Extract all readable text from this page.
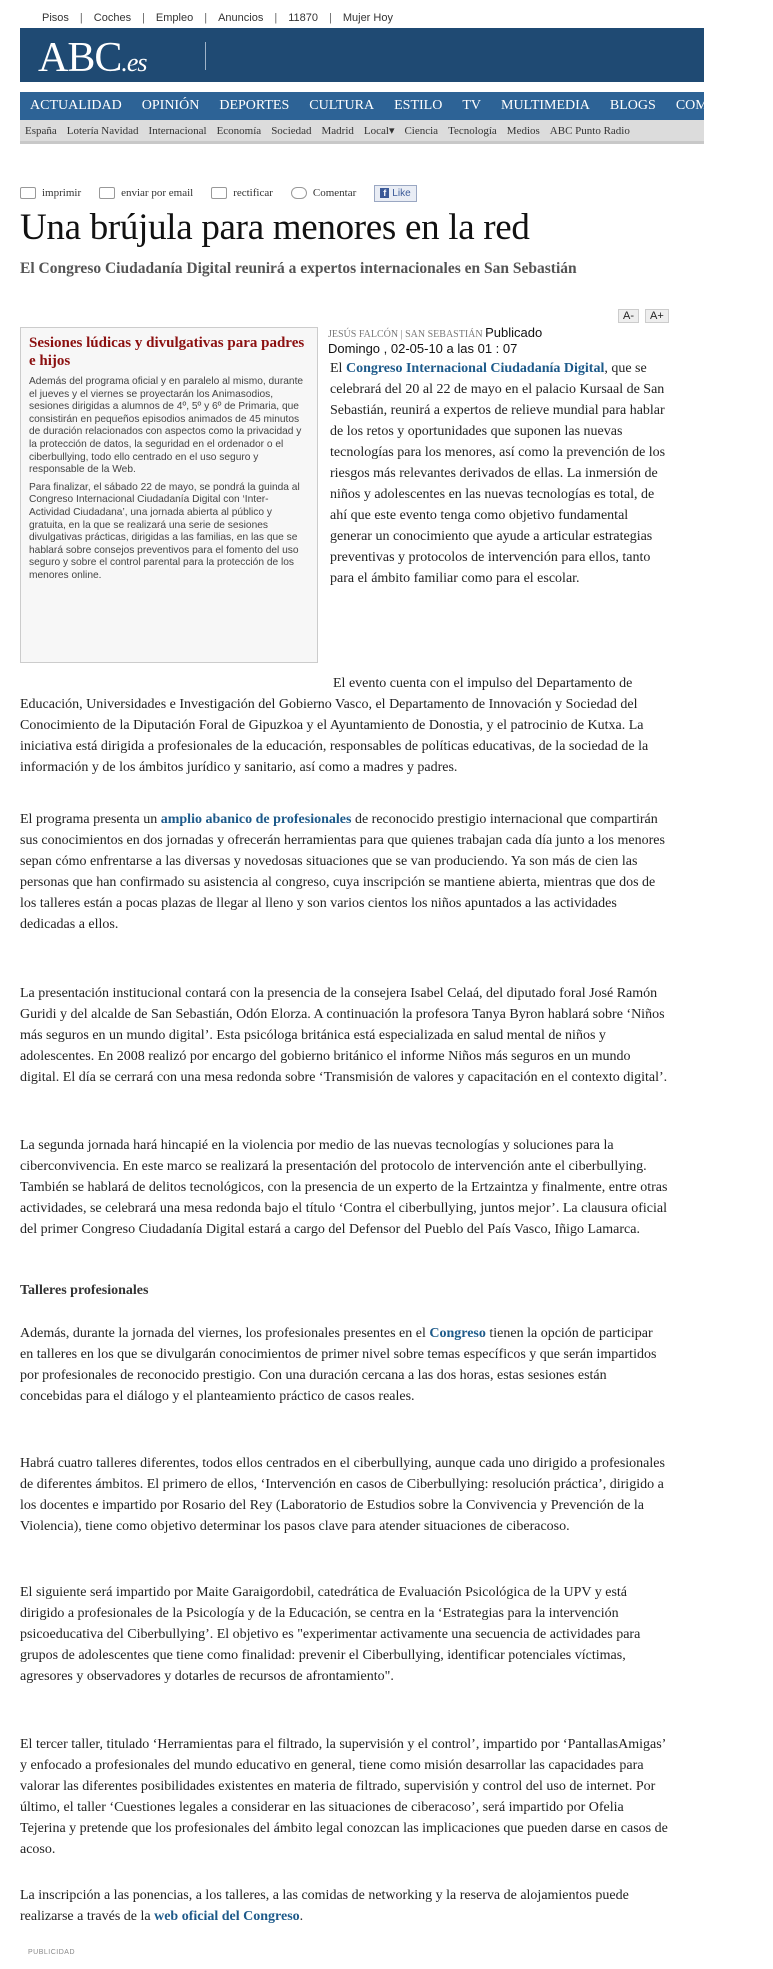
Pisos | Coches | Empleo | Anuncios | 11870 | Mujer Hoy
ABC.es
ACTUALIDAD	OPINIÓN	DEPORTES	CULTURA	ESTILO	TV	MULTIMEDIA	BLOGS	COMUNIDAD
España Lotería Navidad Internacional Economía Sociedad Madrid Local▾ Ciencia Tecnología Medios ABC Punto Radio
imprimir	enviar por email	rectificar	Comentar	f Like
Una brújula para menores en la red
El Congreso Ciudadanía Digital reunirá a expertos internacionales en San Sebastián
A-	A+
Sesiones lúdicas y divulgativas para padres e hijos

Además del programa oficial y en paralelo al mismo, durante el jueves y el viernes se proyectarán los Animasodios, sesiones dirigidas a alumnos de 4º, 5º y 6º de Primaria, que consistirán en pequeños episodios animados de 45 minutos de duración relacionados con aspectos como la privacidad y la protección de datos, la seguridad en el ordenador o el ciberbullying, todo ello centrado en el uso seguro y responsable de la Web.

Para finalizar, el sábado 22 de mayo, se pondrá la guinda al Congreso Internacional Ciudadanía Digital con ‘Inter-Actividad Ciudadana’, una jornada abierta al público y gratuita, en la que se realizará una serie de sesiones divulgativas prácticas, dirigidas a las familias, en las que se hablará sobre consejos preventivos para el fomento del uso seguro y sobre el control parental para la protección de los menores online.

JESÚS FALCÓN | SAN SEBASTIÁN Publicado
Domingo , 02-05-10 a las 01 : 07
El Congreso Internacional Ciudadanía Digital, que se celebrará del 20 al 22 de mayo en el palacio Kursaal de San Sebastián, reunirá a expertos de relieve mundial para hablar de los retos y oportunidades que suponen las nuevas tecnologías para los menores, así como la prevención de los riesgos más relevantes derivados de ellas. La inmersión de niños y adolescentes en las nuevas tecnologías es total, de ahí que este evento tenga como objetivo fundamental generar un conocimiento que ayude a articular estrategias preventivas y protocolos de intervención para ellos, tanto para el ámbito familiar como para el escolar.
El evento cuenta con el impulso del Departamento de Educación, Universidades e Investigación del Gobierno Vasco, el Departamento de Innovación y Sociedad del Conocimiento de la Diputación Foral de Gipuzkoa y el Ayuntamiento de Donostia, y el patrocinio de Kutxa. La iniciativa está dirigida a profesionales de la educación, responsables de políticas educativas, de la sociedad de la información y de los ámbitos jurídico y sanitario, así como a madres y padres.
El programa presenta un amplio abanico de profesionales de reconocido prestigio internacional que compartirán sus conocimientos en dos jornadas y ofrecerán herramientas para que quienes trabajan cada día junto a los menores sepan cómo enfrentarse a las diversas y novedosas situaciones que se van produciendo. Ya son más de cien las personas que han confirmado su asistencia al congreso, cuya inscripción se mantiene abierta, mientras que dos de los talleres están a pocas plazas de llegar al lleno y son varios cientos los niños apuntados a las actividades dedicadas a ellos.
La presentación institucional contará con la presencia de la consejera Isabel Celaá, del diputado foral José Ramón Guridi y del alcalde de San Sebastián, Odón Elorza. A continuación la profesora Tanya Byron hablará sobre ‘Niños más seguros en un mundo digital’. Esta psicóloga británica está especializada en salud mental de niños y adolescentes. En 2008 realizó por encargo del gobierno británico el informe Niños más seguros en un mundo digital. El día se cerrará con una mesa redonda sobre ‘Transmisión de valores y capacitación en el contexto digital’.
La segunda jornada hará hincapié en la violencia por medio de las nuevas tecnologías y soluciones para la ciberconvivencia. En este marco se realizará la presentación del protocolo de intervención ante el ciberbullying. También se hablará de delitos tecnológicos, con la presencia de un experto de la Ertzaintza y finalmente, entre otras actividades, se celebrará una mesa redonda bajo el título ‘Contra el ciberbullying, juntos mejor’. La clausura oficial del primer Congreso Ciudadanía Digital estará a cargo del Defensor del Pueblo del País Vasco, Iñigo Lamarca.
Talleres profesionales
Además, durante la jornada del viernes, los profesionales presentes en el Congreso tienen la opción de participar en talleres en los que se divulgarán conocimientos de primer nivel sobre temas específicos y que serán impartidos por profesionales de reconocido prestigio. Con una duración cercana a las dos horas, estas sesiones están concebidas para el diálogo y el planteamiento práctico de casos reales.
Habrá cuatro talleres diferentes, todos ellos centrados en el ciberbullying, aunque cada uno dirigido a profesionales de diferentes ámbitos. El primero de ellos, ‘Intervención en casos de Ciberbullying: resolución práctica’, dirigido a los docentes e impartido por Rosario del Rey (Laboratorio de Estudios sobre la Convivencia y Prevención de la Violencia), tiene como objetivo determinar los pasos clave para atender situaciones de ciberacoso.
El siguiente será impartido por Maite Garaigordobil, catedrática de Evaluación Psicológica de la UPV y está dirigido a profesionales de la Psicología y de la Educación, se centra en la ‘Estrategias para la intervención psicoeducativa del Ciberbullying’. El objetivo es "experimentar activamente una secuencia de actividades para grupos de adolescentes que tiene como finalidad: prevenir el Ciberbullying, identificar potenciales víctimas, agresores y observadores y dotarles de recursos de afrontamiento".
El tercer taller, titulado ‘Herramientas para el filtrado, la supervisión y el control’, impartido por ‘PantallasAmigas’ y enfocado a profesionales del mundo educativo en general, tiene como misión desarrollar las capacidades para valorar las diferentes posibilidades existentes en materia de filtrado, supervisión y control del uso de internet. Por último, el taller ‘Cuestiones legales a considerar en las situaciones de ciberacoso’, será impartido por Ofelia Tejerina y pretende que los profesionales del ámbito legal conozcan las implicaciones que pueden darse en casos de acoso.
La inscripción a las ponencias, a los talleres, a las comidas de networking y la reserva de alojamientos puede realizarse a través de la web oficial del Congreso.
PUBLICIDAD
